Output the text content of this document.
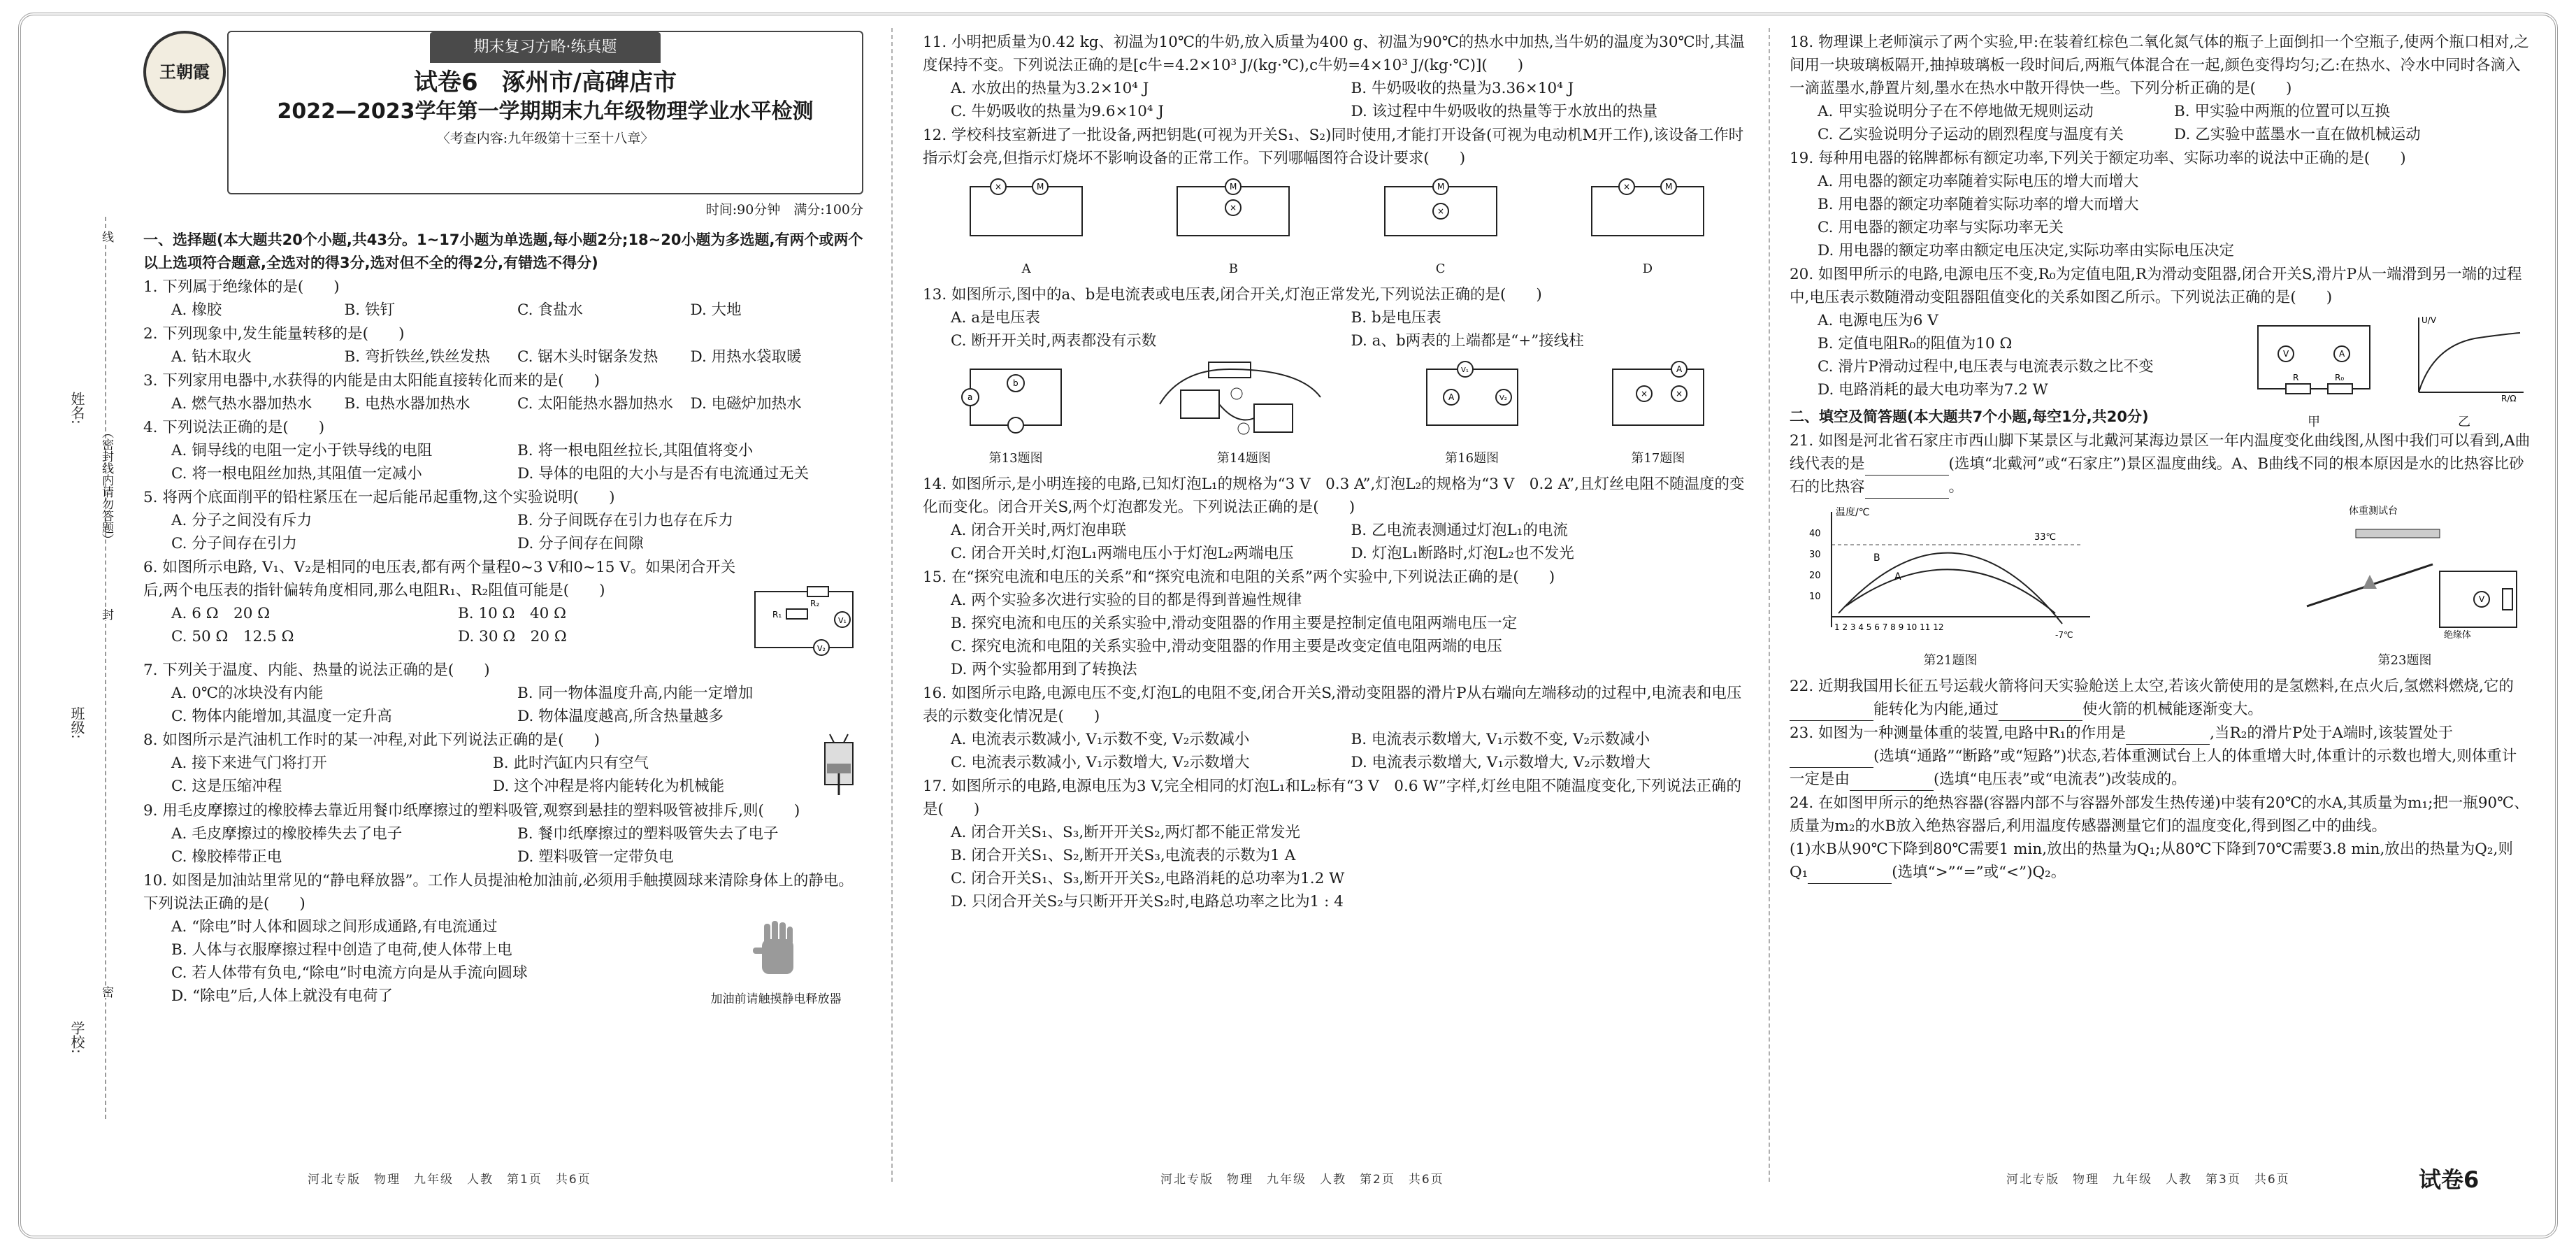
姓名:
班级:
学校:
（密封线内请勿答题）
线
封
密
王朝霞
期末复习方略·练真题
试卷6　涿州市/高碑店市
2022—2023学年第一学期期末九年级物理学业水平检测
〈考查内容:九年级第十三至十八章〉
时间:90分钟　满分:100分
一、选择题(本大题共20个小题,共43分。1~17小题为单选题,每小题2分;18~20小题为多选题,有两个或两个以上选项符合题意,全选对的得3分,选对但不全的得2分,有错选不得分)
1. 下列属于绝缘体的是(　　)
A. 橡胶	B. 铁钉	C. 食盐水	D. 大地
2. 下列现象中,发生能量转移的是(　　)
A. 钻木取火	B. 弯折铁丝,铁丝发热	C. 锯木头时锯条发热	D. 用热水袋取暖
3. 下列家用电器中,水获得的内能是由太阳能直接转化而来的是(　　)
A. 燃气热水器加热水	B. 电热水器加热水	C. 太阳能热水器加热水	D. 电磁炉加热水
4. 下列说法正确的是(　　)
A. 铜导线的电阻一定小于铁导线的电阻	B. 将一根电阻丝拉长,其阻值将变小
C. 将一根电阻丝加热,其阻值一定减小	D. 导体的电阻的大小与是否有电流通过无关
5. 将两个底面削平的铅柱紧压在一起后能吊起重物,这个实验说明(　　)
A. 分子之间没有斥力	B. 分子间既存在引力也存在斥力
C. 分子间存在引力	D. 分子间存在间隙
6. 如图所示电路, V₁、V₂是相同的电压表,都有两个量程0~3 V和0~15 V。如果闭合开关后,两个电压表的指针偏转角度相同,那么电阻R₁、R₂阻值可能是(　　)
A. 6 Ω　20 Ω	B. 10 Ω　40 Ω
C. 50 Ω　12.5 Ω	D. 30 Ω　20 Ω
V₁
V₂
R₂
R₁
7. 下列关于温度、内能、热量的说法正确的是(　　)
A. 0℃的冰块没有内能	B. 同一物体温度升高,内能一定增加
C. 物体内能增加,其温度一定升高	D. 物体温度越高,所含热量越多
8. 如图所示是汽油机工作时的某一冲程,对此下列说法正确的是(　　)
A. 接下来进气门将打开	B. 此时汽缸内只有空气
C. 这是压缩冲程	D. 这个冲程是将内能转化为机械能
9. 用毛皮摩擦过的橡胶棒去靠近用餐巾纸摩擦过的塑料吸管,观察到悬挂的塑料吸管被排斥,则(　　)
A. 毛皮摩擦过的橡胶棒失去了电子	B. 餐巾纸摩擦过的塑料吸管失去了电子
C. 橡胶棒带正电	D. 塑料吸管一定带负电
10. 如图是加油站里常见的“静电释放器”。工作人员提油枪加油前,必须用手触摸圆球来清除身体上的静电。下列说法正确的是(　　)
A. “除电”时人体和圆球之间形成通路,有电流通过
B. 人体与衣服摩擦过程中创造了电荷,使人体带上电
C. 若人体带有负电,“除电”时电流方向是从手流向圆球
D. “除电”后,人体上就没有电荷了	加油前请触摸静电释放器
11. 小明把质量为0.42 kg、初温为10℃的牛奶,放入质量为400 g、初温为90℃的热水中加热,当牛奶的温度为30℃时,其温度保持不变。下列说法正确的是[c牛=4.2×10³ J/(kg·℃),c牛奶=4×10³ J/(kg·℃)](　　)
A. 水放出的热量为3.2×10⁴ J	B. 牛奶吸收的热量为3.36×10⁴ J
C. 牛奶吸收的热量为9.6×10⁴ J	D. 该过程中牛奶吸收的热量等于水放出的热量
12. 学校科技室新进了一批设备,两把钥匙(可视为开关S₁、S₂)同时使用,才能打开设备(可视为电动机M开工作),该设备工作时指示灯会亮,但指示灯烧坏不影响设备的正常工作。下列哪幅图符合设计要求(　　)
M
×
A
M
×
B
M
×
C
M
×
D
13. 如图所示,图中的a、b是电流表或电压表,闭合开关,灯泡正常发光,下列说法正确的是(　　)
A. a是电压表	B. b是电压表
C. 断开开关时,两表都没有示数	D. a、b两表的上端都是“+”接线柱
a
b
第13题图	第14题图
V₁
V₂
A
第16题图
A
×	×
第17题图
14. 如图所示,是小明连接的电路,已知灯泡L₁的规格为“3 V　0.3 A”,灯泡L₂的规格为“3 V　0.2 A”,且灯丝电阻不随温度的变化而变化。闭合开关S,两个灯泡都发光。下列说法正确的是(　　)
A. 闭合开关时,两灯泡串联	B. 乙电流表测通过灯泡L₁的电流
C. 闭合开关时,灯泡L₁两端电压小于灯泡L₂两端电压	D. 灯泡L₁断路时,灯泡L₂也不发光
15. 在“探究电流和电压的关系”和“探究电流和电阻的关系”两个实验中,下列说法正确的是(　　)
A. 两个实验多次进行实验的目的都是得到普遍性规律
B. 探究电流和电压的关系实验中,滑动变阻器的作用主要是控制定值电阻两端电压一定
C. 探究电流和电阻的关系实验中,滑动变阻器的作用主要是改变定值电阻两端的电压
D. 两个实验都用到了转换法
16. 如图所示电路,电源电压不变,灯泡L的电阻不变,闭合开关S,滑动变阻器的滑片P从右端向左端移动的过程中,电流表和电压表的示数变化情况是(　　)
A. 电流表示数减小, V₁示数不变, V₂示数减小	B. 电流表示数增大, V₁示数不变, V₂示数减小
C. 电流表示数减小, V₁示数增大, V₂示数增大	D. 电流表示数增大, V₁示数增大, V₂示数增大
17. 如图所示的电路,电源电压为3 V,完全相同的灯泡L₁和L₂标有“3 V　0.6 W”字样,灯丝电阻不随温度变化,下列说法正确的是(　　)
A. 闭合开关S₁、S₃,断开开关S₂,两灯都不能正常发光
B. 闭合开关S₁、S₂,断开开关S₃,电流表的示数为1 A
C. 闭合开关S₁、S₃,断开开关S₂,电路消耗的总功率为1.2 W
D. 只闭合开关S₂与只断开开关S₂时,电路总功率之比为1 : 4
18. 物理课上老师演示了两个实验,甲:在装着红棕色二氧化氮气体的瓶子上面倒扣一个空瓶子,使两个瓶口相对,之间用一块玻璃板隔开,抽掉玻璃板一段时间后,两瓶气体混合在一起,颜色变得均匀;乙:在热水、冷水中同时各滴入一滴蓝墨水,静置片刻,墨水在热水中散开得快一些。下列分析正确的是(　　)
A. 甲实验说明分子在不停地做无规则运动	B. 甲实验中两瓶的位置可以互换
C. 乙实验说明分子运动的剧烈程度与温度有关	D. 乙实验中蓝墨水一直在做机械运动
19. 每种用电器的铭牌都标有额定功率,下列关于额定功率、实际功率的说法中正确的是(　　)
A. 用电器的额定功率随着实际电压的增大而增大
B. 用电器的额定功率随着实际功率的增大而增大
C. 用电器的额定功率与实际功率无关
D. 用电器的额定功率由额定电压决定,实际功率由实际电压决定
20. 如图甲所示的电路,电源电压不变,R₀为定值电阻,R为滑动变阻器,闭合开关S,滑片P从一端滑到另一端的过程中,电压表示数随滑动变阻器阻值变化的关系如图乙所示。下列说法正确的是(　　)
A. 电源电压为6 V
B. 定值电阻R₀的阻值为10 Ω
C. 滑片P滑动过程中,电压表与电流表示数之比不变
D. 电路消耗的最大电功率为7.2 W
V	A
R	R₀
甲
U/V
R/Ω
乙
二、填空及简答题(本大题共7个小题,每空1分,共20分)
21. 如图是河北省石家庄市西山脚下某景区与北戴河某海边景区一年内温度变化曲线图,从图中我们可以看到,A曲线代表的是	(选填“北戴河”或“石家庄”)景区温度曲线。A、B曲线不同的根本原因是水的比热容比砂石的比热容	。
温度/℃
40
30
20
10
33℃
B
A
1 2 3 4 5 6 7 8 9 10 11 12
-7℃
第21题图
体重测试台
V
绝缘体
第23题图
22. 近期我国用长征五号运载火箭将问天实验舱送上太空,若该火箭使用的是氢燃料,在点火后,氢燃料燃烧,它的能转化为内能,通过	使火箭的机械能逐渐变大。
23. 如图为一种测量体重的装置,电路中R₁的作用是	,当R₂的滑片P处于A端时,该装置处于(选填“通路”“断路”或“短路”)状态,若体重测试台上人的体重增大时,体重计的示数也增大,则体重计一定是由	(选填“电压表”或“电流表”)改装成的。
24. 在如图甲所示的绝热容器(容器内部不与容器外部发生热传递)中装有20℃的水A,其质量为m₁;把一瓶90℃、质量为m₂的水B放入绝热容器后,利用温度传感器测量它们的温度变化,得到图乙中的曲线。
(1)水B从90℃下降到80℃需要1 min,放出的热量为Q₁;从80℃下降到70℃需要3.8 min,放出的热量为Q₂,则Q₁	(选填“>”“=”或“<”)Q₂。
河北专版　物理　九年级　人教　第2页　共6页	河北专版　物理　九年级　人教　第3页　共6页
河北专版　物理　九年级　人教　第1页　共6页	试卷6
